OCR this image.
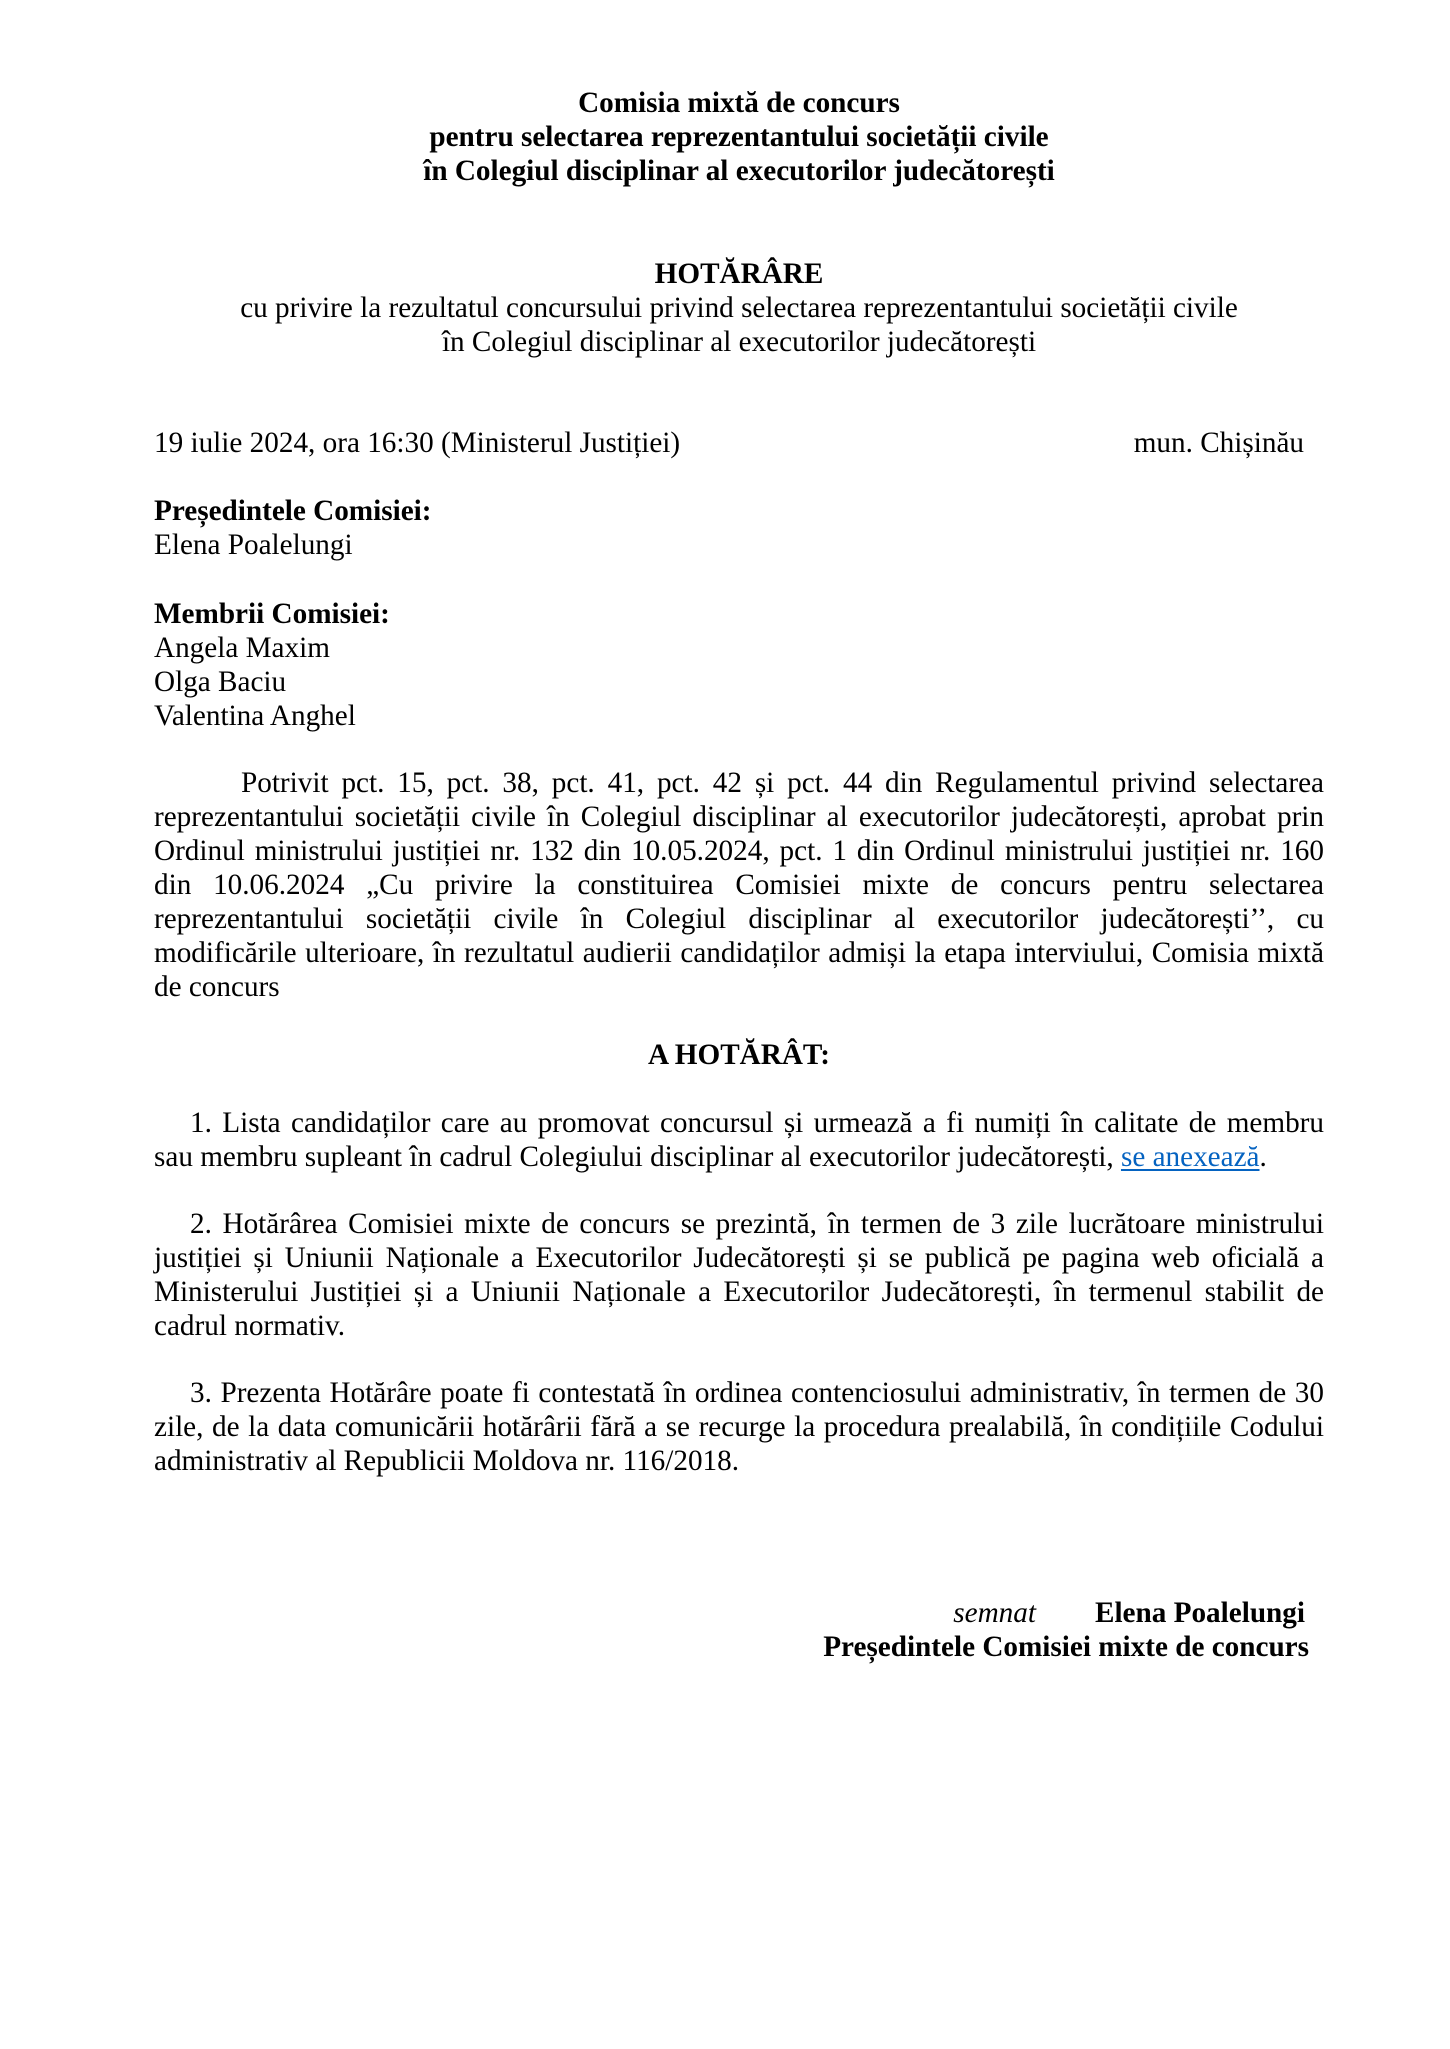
Comisia mixtă de concurs
pentru selectarea reprezentantului societății civile
în Colegiul disciplinar al executorilor judecătorești
HOTĂRÂRE
cu privire la rezultatul concursului privind selectarea reprezentantului societății civile
în Colegiul disciplinar al executorilor judecătorești
19 iulie 2024, ora 16:30 (Ministerul Justiției)	mun. Chișinău
Președintele Comisiei:
Elena Poalelungi
Membrii Comisiei:
Angela Maxim
Olga Baciu
Valentina Anghel
Potrivit pct. 15, pct. 38, pct. 41, pct. 42 și pct. 44 din Regulamentul privind selectarea
reprezentantului societății civile în Colegiul disciplinar al executorilor judecătorești, aprobat prin
Ordinul ministrului justiției nr. 132 din 10.05.2024, pct. 1 din Ordinul ministrului justiției nr. 160
din 10.06.2024 „Cu privire la constituirea Comisiei mixte de concurs pentru selectarea
reprezentantului societății civile în Colegiul disciplinar al executorilor judecătorești’’, cu
modificările ulterioare, în rezultatul audierii candidaților admiși la etapa interviului, Comisia mixtă
de concurs
A HOTĂRÂT:
1. Lista candidaților care au promovat concursul și urmează a fi numiți în calitate de membru
sau membru supleant în cadrul Colegiului disciplinar al executorilor judecătorești, se anexează.
2. Hotărârea Comisiei mixte de concurs se prezintă, în termen de 3 zile lucrătoare ministrului
justiției și Uniunii Naționale a Executorilor Judecătorești și se publică pe pagina web oficială a
Ministerului Justiției și a Uniunii Naționale a Executorilor Judecătorești, în termenul stabilit de
cadrul normativ.
3. Prezenta Hotărâre poate fi contestată în ordinea contenciosului administrativ, în termen de 30
zile, de la data comunicării hotărârii fără a se recurge la procedura prealabilă, în condițiile Codului
administrativ al Republicii Moldova nr. 116/2018.
semnat Elena Poalelungi
Președintele Comisiei mixte de concurs
